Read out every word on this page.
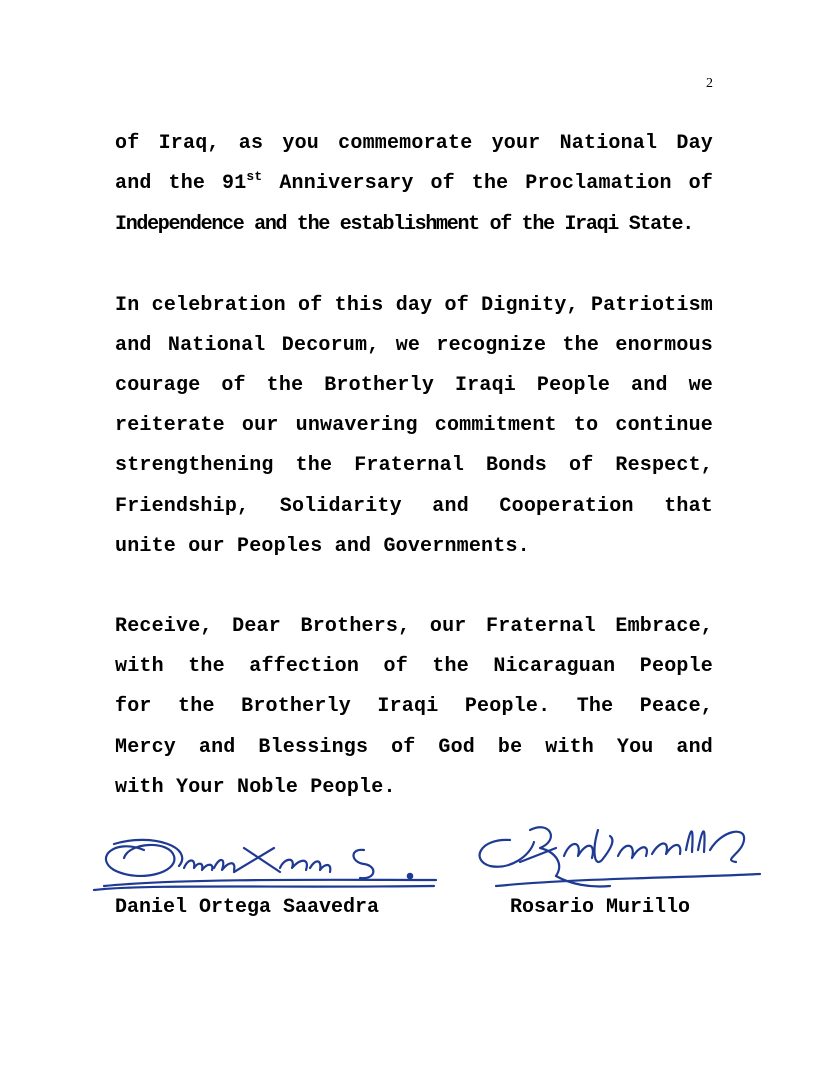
2

of Iraq, as you commemorate your National Day
and the 91st Anniversary of the Proclamation of
Independence and the establishment of the Iraqi State.

In celebration of this day of Dignity, Patriotism
and National Decorum, we recognize the enormous
courage of the Brotherly Iraqi People and we
reiterate our unwavering commitment to continue
strengthening the Fraternal Bonds of Respect,
Friendship, Solidarity and Cooperation that
unite our Peoples and Governments.

Receive, Dear Brothers, our Fraternal Embrace,
with the affection of the Nicaraguan People
for the Brotherly Iraqi People. The Peace,
Mercy and Blessings of God be with You and
with Your Noble People.

Daniel Ortega Saavedra	Rosario Murillo
